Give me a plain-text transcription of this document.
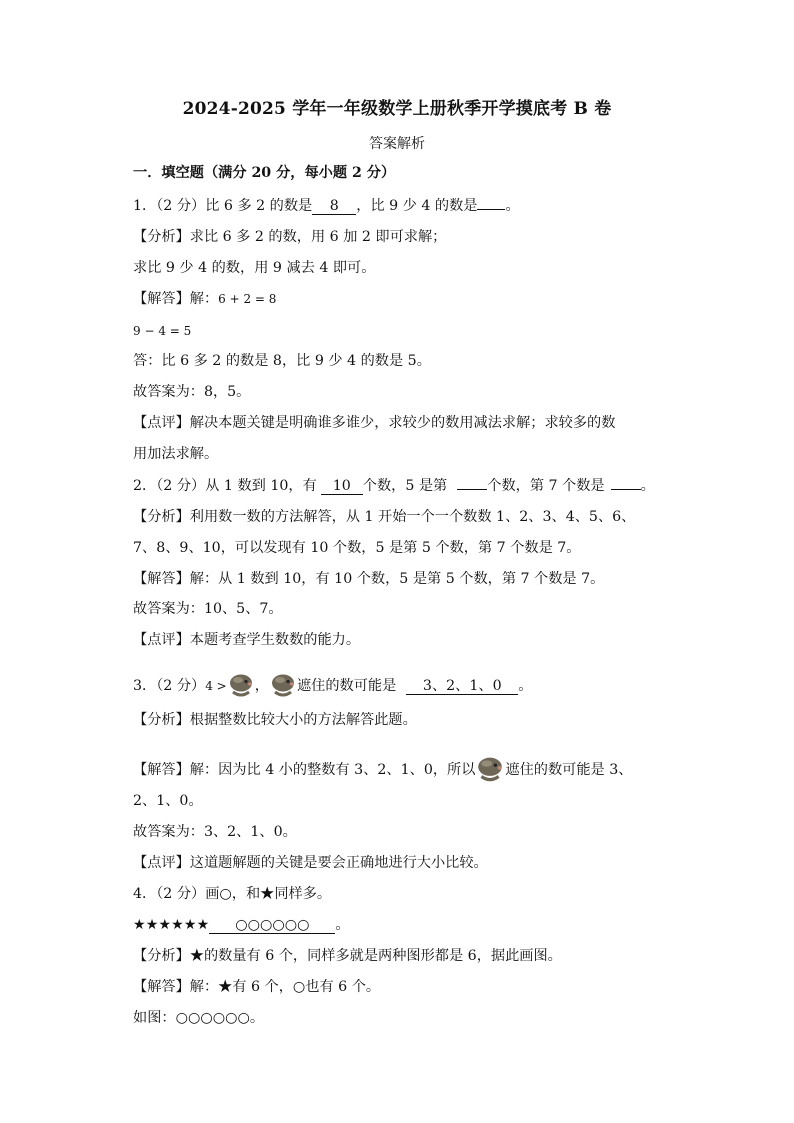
2024-2025 学年一年级数学上册秋季开学摸底考 B 卷
答案解析
一．填空题（满分 20 分，每小题 2 分）
1．（2 分）比 6 多 2 的数是 8 ，比 9 少 4 的数是 。
【分析】求比 6 多 2 的数，用 6 加 2 即可求解；
求比 9 少 4 的数，用 9 减去 4 即可。
【解答】解：6 + 2 = 8
9 − 4 = 5
答：比 6 多 2 的数是 8，比 9 少 4 的数是 5。
故答案为：8，5。
【点评】解决本题关键是明确谁多谁少，求较少的数用减法求解；求较多的数
用加法求解。
2．（2 分）从 1 数到 10，有 10 个数，5 是第	个数，第 7 个数是	。
【分析】利用数一数的方法解答，从 1 开始一个一个数数 1、2、3、4、5、6、
7、8、9、10，可以发现有 10 个数，5 是第 5 个数，第 7 个数是 7。
【解答】解：从 1 数到 10，有 10 个数，5 是第 5 个数，第 7 个数是 7。
故答案为：10、5、7。
【点评】本题考查学生数数的能力。
3．（2 分）4 > ， 遮住的数可能是 3、2、1、0 。
【分析】根据整数比较大小的方法解答此题。
【解答】解：因为比 4 小的整数有 3、2、1、0，所以 遮住的数可能是 3、
2、1、0。
故答案为：3、2、1、0。
【点评】这道题解题的关键是要会正确地进行大小比较。
4．（2 分）画○，和★同样多。
★★★★★★ ○○○○○○ 。
【分析】★的数量有 6 个，同样多就是两种图形都是 6，据此画图。
【解答】解：★有 6 个，○也有 6 个。
如图：○○○○○○。
